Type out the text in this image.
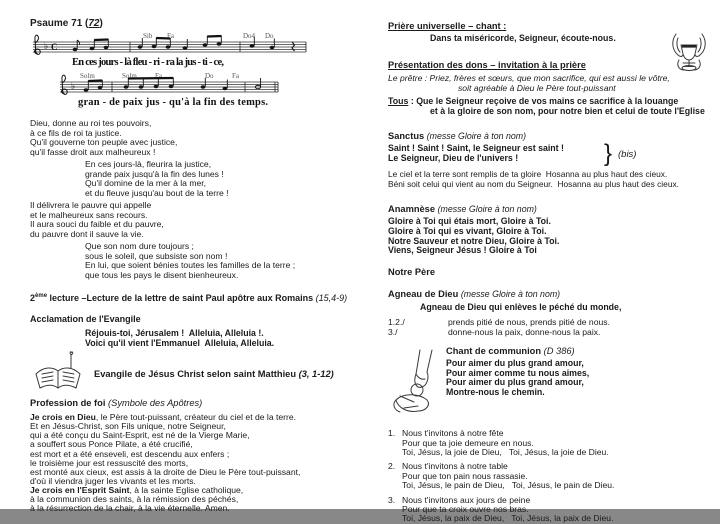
Psaume 71 (72)
Sib Fa	Do4 Do
♭ C
En ces jours - là fleu - ri - ra la jus - ti - ce,
Solm	Solm	Fa	Do	Fa
♭
gran - de paix jus - qu'à la fin des temps.
Dieu, donne au roi tes pouvoirs,
à ce fils de roi ta justice.
Qu'il gouverne ton peuple avec justice,
qu'il fasse droit aux malheureux !
En ces jours-là, fleurira la justice,
grande paix jusqu'à la fin des lunes !
Qu'il domine de la mer à la mer,
et du fleuve jusqu'au bout de la terre !
Il délivrera le pauvre qui appelle
et le malheureux sans recours.
Il aura souci du faible et du pauvre,
du pauvre dont il sauve la vie.
Que son nom dure toujours ;
sous le soleil, que subsiste son nom !
En lui, que soient bénies toutes les familles de la terre ;
que tous les pays le disent bienheureux.
2ème lecture –Lecture de la lettre de saint Paul apôtre aux Romains (15,4-9)
Acclamation de l'Evangile
Réjouis-toi, Jérusalem !  Alleluia, Alleluia !.
Voici qu'il vient l'Emmanuel  Alleluia, Alleluia.
Evangile de Jésus Christ selon saint Matthieu (3, 1-12)
Profession de foi (Symbole des Apôtres)
Je crois en Dieu, le Père tout-puissant, créateur du ciel et de la terre.
Et en Jésus-Christ, son Fils unique, notre Seigneur,
qui a été conçu du Saint-Esprit, est né de la Vierge Marie,
a souffert sous Ponce Pilate, a été crucifié,
est mort et a été enseveli, est descendu aux enfers ;
le troisième jour est ressuscité des morts,
est monté aux cieux, est assis à la droite de Dieu le Père tout-puissant,
d'où il viendra juger les vivants et les morts.
Je crois en l'Esprit Saint, à la sainte Eglise catholique,
à la communion des saints, à la rémission des péchés,
à la résurrection de la chair, à la vie éternelle. Amen.
Prière universelle – chant :
Dans ta miséricorde, Seigneur, écoute-nous.
Présentation des dons – invitation à la prière
Le prêtre : Priez, frères et sœurs, que mon sacrifice, qui est aussi le vôtre,
soit agréable à Dieu le Père tout-puissant
Tous : Que le Seigneur reçoive de vos mains ce sacrifice à la louange
et à la gloire de son nom, pour notre bien et celui de toute l'Eglise
Sanctus (messe Gloire à ton nom)
Saint ! Saint ! Saint, le Seigneur est saint !
Le Seigneur, Dieu de l'univers !	} (bis)
Le ciel et la terre sont remplis de ta gloire  Hosanna au plus haut des cieux.
Béni soit celui qui vient au nom du Seigneur.  Hosanna au plus haut des cieux.
Anamnèse (messe Gloire à ton nom)
Gloire à Toi qui étais mort, Gloire à Toi.
Gloire à Toi qui es vivant, Gloire à Toi.
Notre Sauveur et notre Dieu, Gloire à Toi.
Viens, Seigneur Jésus ! Gloire à Toi
Notre Père
Agneau de Dieu (messe Gloire à ton nom)
Agneau de Dieu qui enlèves le péché du monde,
1.2./	prends pitié de nous, prends pitié de nous.
3./	donne-nous la paix, donne-nous la paix.
Chant de communion (D 386)
Pour aimer du plus grand amour,
Pour aimer comme tu nous aimes,
Pour aimer du plus grand amour,
Montre-nous le chemin.
1. Nous t'invitons à notre fête
Pour que ta joie demeure en nous.
Toi, Jésus, la joie de Dieu,   Toi, Jésus, la joie de Dieu.
2. Nous t'invitons à notre table
Pour que ton pain nous rassasie.
Toi, Jésus, le pain de Dieu,   Toi, Jésus, le pain de Dieu.
3. Nous t'invitons aux jours de peine
Pour que ta croix ouvre nos bras.
Toi, Jésus, la paix de Dieu,   Toi, Jésus, la paix de Dieu.
